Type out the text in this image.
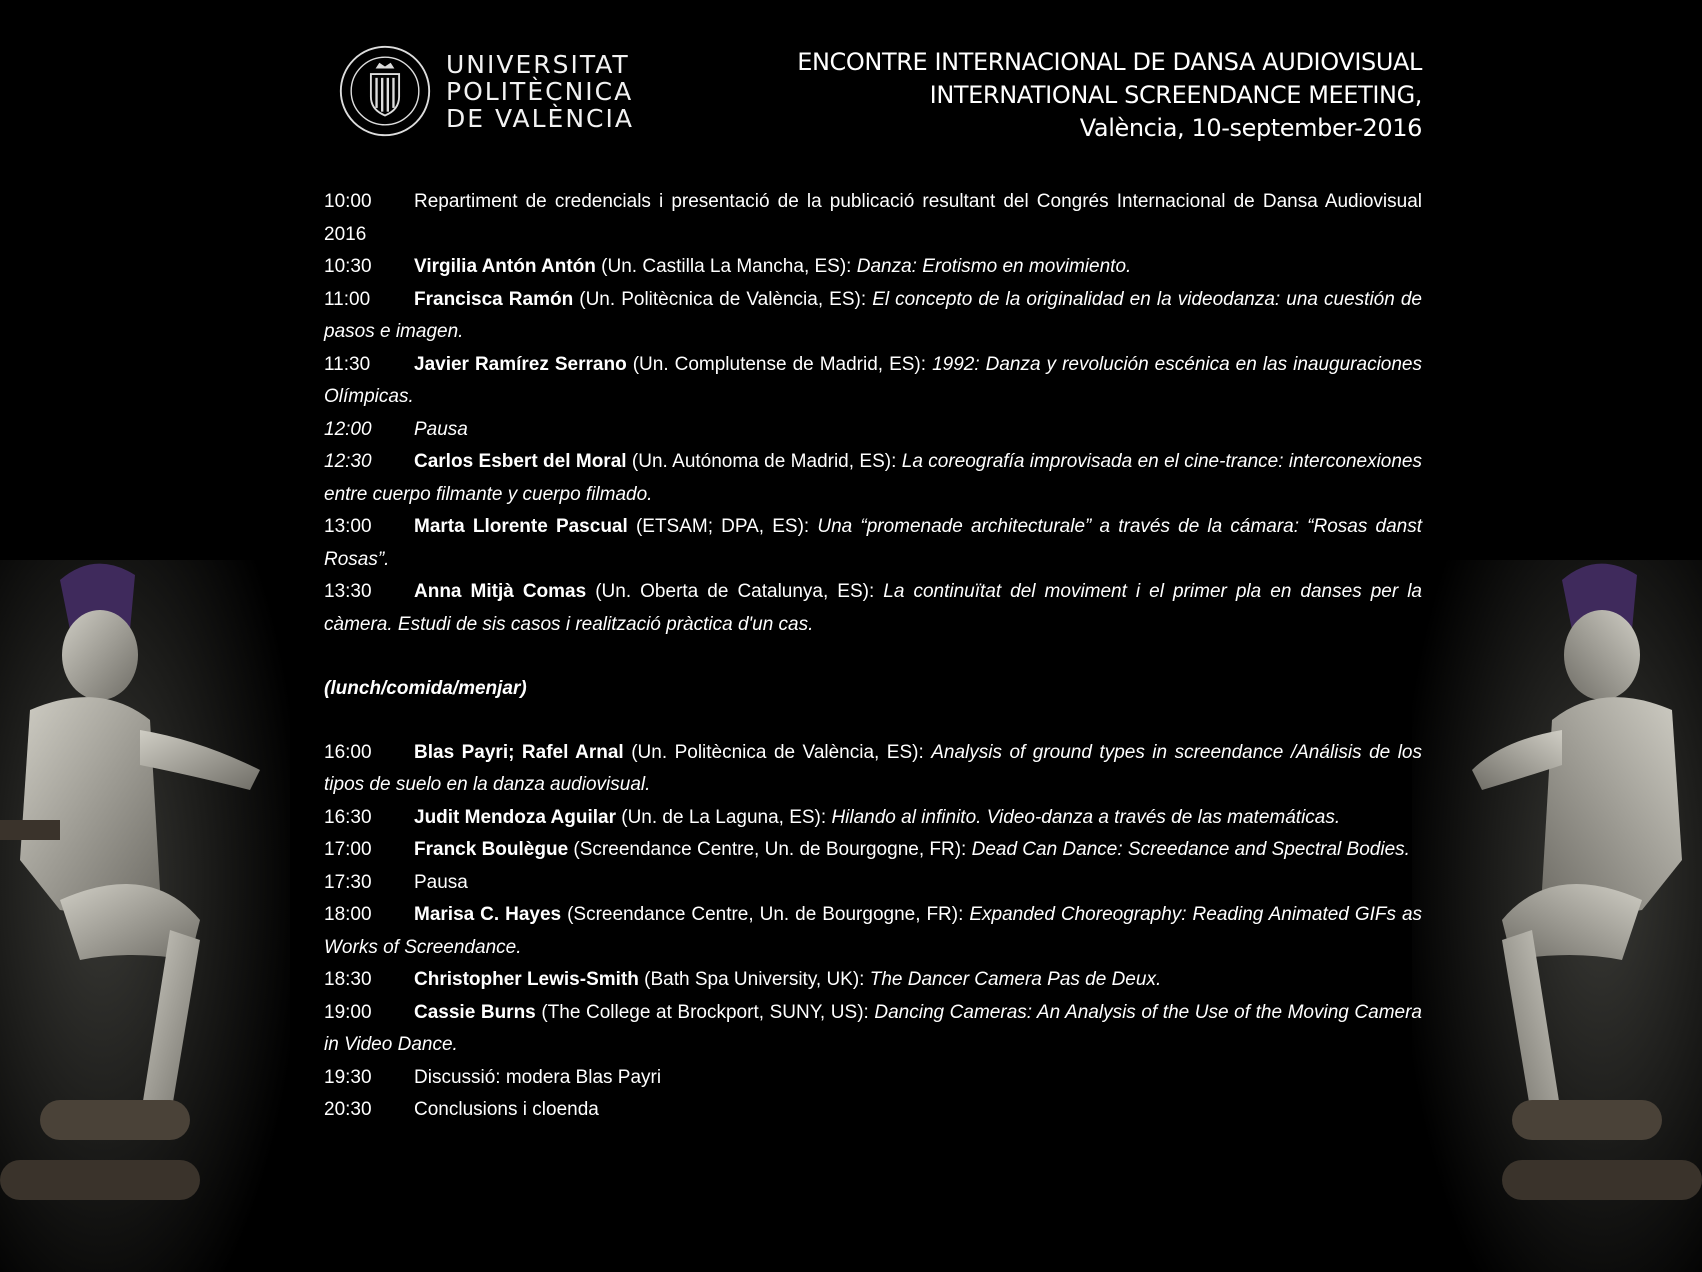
UNIVERSITAT
POLITÈCNICA
DE VALÈNCIA
ENCONTRE INTERNACIONAL DE DANSA AUDIOVISUAL
INTERNATIONAL SCREENDANCE MEETING,
València, 10-september-2016
10:00 Repartiment de credencials i presentació de la publicació resultant del Congrés Internacional de Dansa Audiovisual 2016
10:30 Virgilia Antón Antón (Un. Castilla La Mancha, ES): Danza: Erotismo en movimiento.
11:00 Francisca Ramón (Un. Politècnica de València, ES): El concepto de la originalidad en la videodanza: una cuestión de pasos e imagen.
11:30 Javier Ramírez Serrano (Un. Complutense de Madrid, ES): 1992: Danza y revolución escénica en las inauguraciones Olímpicas.
12:00 Pausa
12:30 Carlos Esbert del Moral (Un. Autónoma de Madrid, ES): La coreografía improvisada en el cine-trance: interconexiones entre cuerpo filmante y cuerpo filmado.
13:00 Marta Llorente Pascual (ETSAM; DPA, ES): Una “promenade architecturale” a través de la cámara: “Rosas danst Rosas”.
13:30 Anna Mitjà Comas (Un. Oberta de Catalunya, ES): La continuïtat del moviment i el primer pla en danses per la càmera. Estudi de sis casos i realització pràctica d'un cas.
(lunch/comida/menjar)
16:00 Blas Payri; Rafel Arnal (Un. Politècnica de València, ES): Analysis of ground types in screendance /Análisis de los tipos de suelo en la danza audiovisual.
16:30 Judit Mendoza Aguilar (Un. de La Laguna, ES): Hilando al infinito. Video-danza a través de las matemáticas.
17:00 Franck Boulègue (Screendance Centre, Un. de Bourgogne, FR): Dead Can Dance: Screedance and Spectral Bodies.
17:30 Pausa
18:00 Marisa C. Hayes (Screendance Centre, Un. de Bourgogne, FR): Expanded Choreography: Reading Animated GIFs as Works of Screendance.
18:30 Christopher Lewis-Smith (Bath Spa University, UK): The Dancer Camera Pas de Deux.
19:00 Cassie Burns (The College at Brockport, SUNY, US): Dancing Cameras: An Analysis of the Use of the Moving Camera in Video Dance.
19:30 Discussió: modera Blas Payri
20:30 Conclusions i cloenda
